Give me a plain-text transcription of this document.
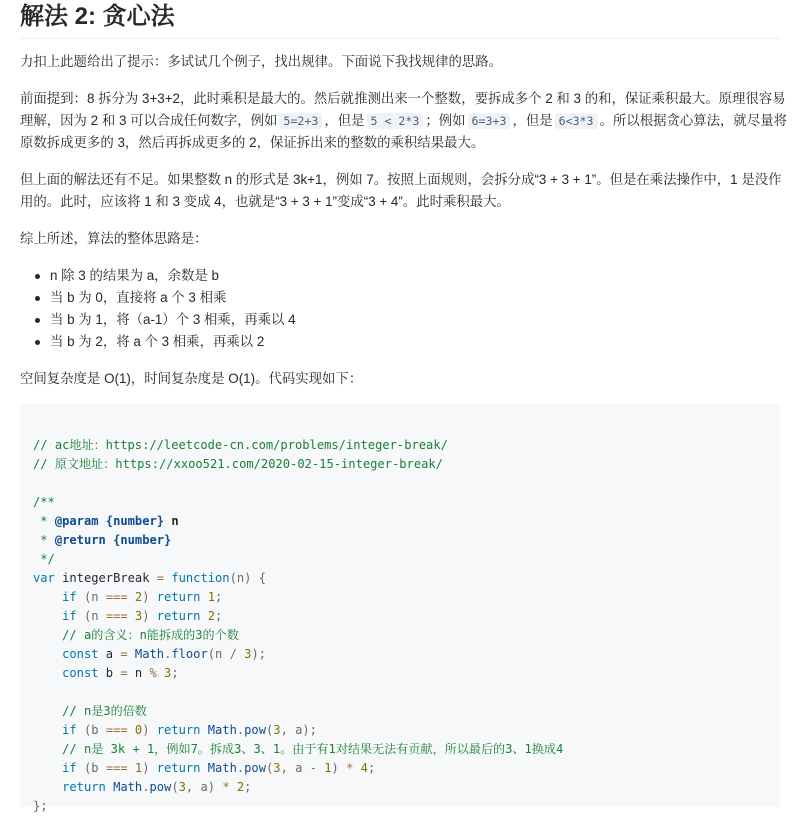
解法 2: 贪心法

力扣上此题给出了提示：多试试几个例子，找出规律。下面说下我找规律的思路。

前面提到：8 拆分为 3+3+2，此时乘积是最大的。然后就推测出来一个整数，要拆成多个 2 和 3 的和，保证乘积最大。原理很容易理解，因为 2 和 3 可以合成任何数字，例如 5=2+3 ，但是 5 < 2*3 ；例如 6=3+3 ，但是 6<3*3 。所以根据贪心算法，就尽量将原数拆成更多的 3，然后再拆成更多的 2，保证拆出来的整数的乘积结果最大。

但上面的解法还有不足。如果整数 n 的形式是 3k+1，例如 7。按照上面规则，会拆分成“3 + 3 + 1”。但是在乘法操作中，1 是没作用的。此时，应该将 1 和 3 变成 4，也就是“3 + 3 + 1”变成“3 + 4”。此时乘积最大。

综上所述，算法的整体思路是：

n 除 3 的结果为 a，余数是 b
当 b 为 0，直接将 a 个 3 相乘
当 b 为 1，将（a-1）个 3 相乘，再乘以 4
当 b 为 2，将 a 个 3 相乘，再乘以 2

空间复杂度是 O(1)，时间复杂度是 O(1)。代码实现如下：

// ac地址：https://leetcode-cn.com/problems/integer-break/
// 原文地址：https://xxoo521.com/2020-02-15-integer-break/
/**
* @param {number} n
* @return {number}
*/
var integerBreak = function(n) {
if (n === 2) return 1;
if (n === 3) return 2;
// a的含义：n能拆成的3的个数
const a = Math.floor(n / 3);
const b = n % 3;
// n是3的倍数
if (b === 0) return Math.pow(3, a);
// n是 3k + 1，例如7。拆成3、3、1。由于有1对结果无法有贡献，所以最后的3、1换成4
if (b === 1) return Math.pow(3, a - 1) * 4;
return Math.pow(3, a) * 2;
};
